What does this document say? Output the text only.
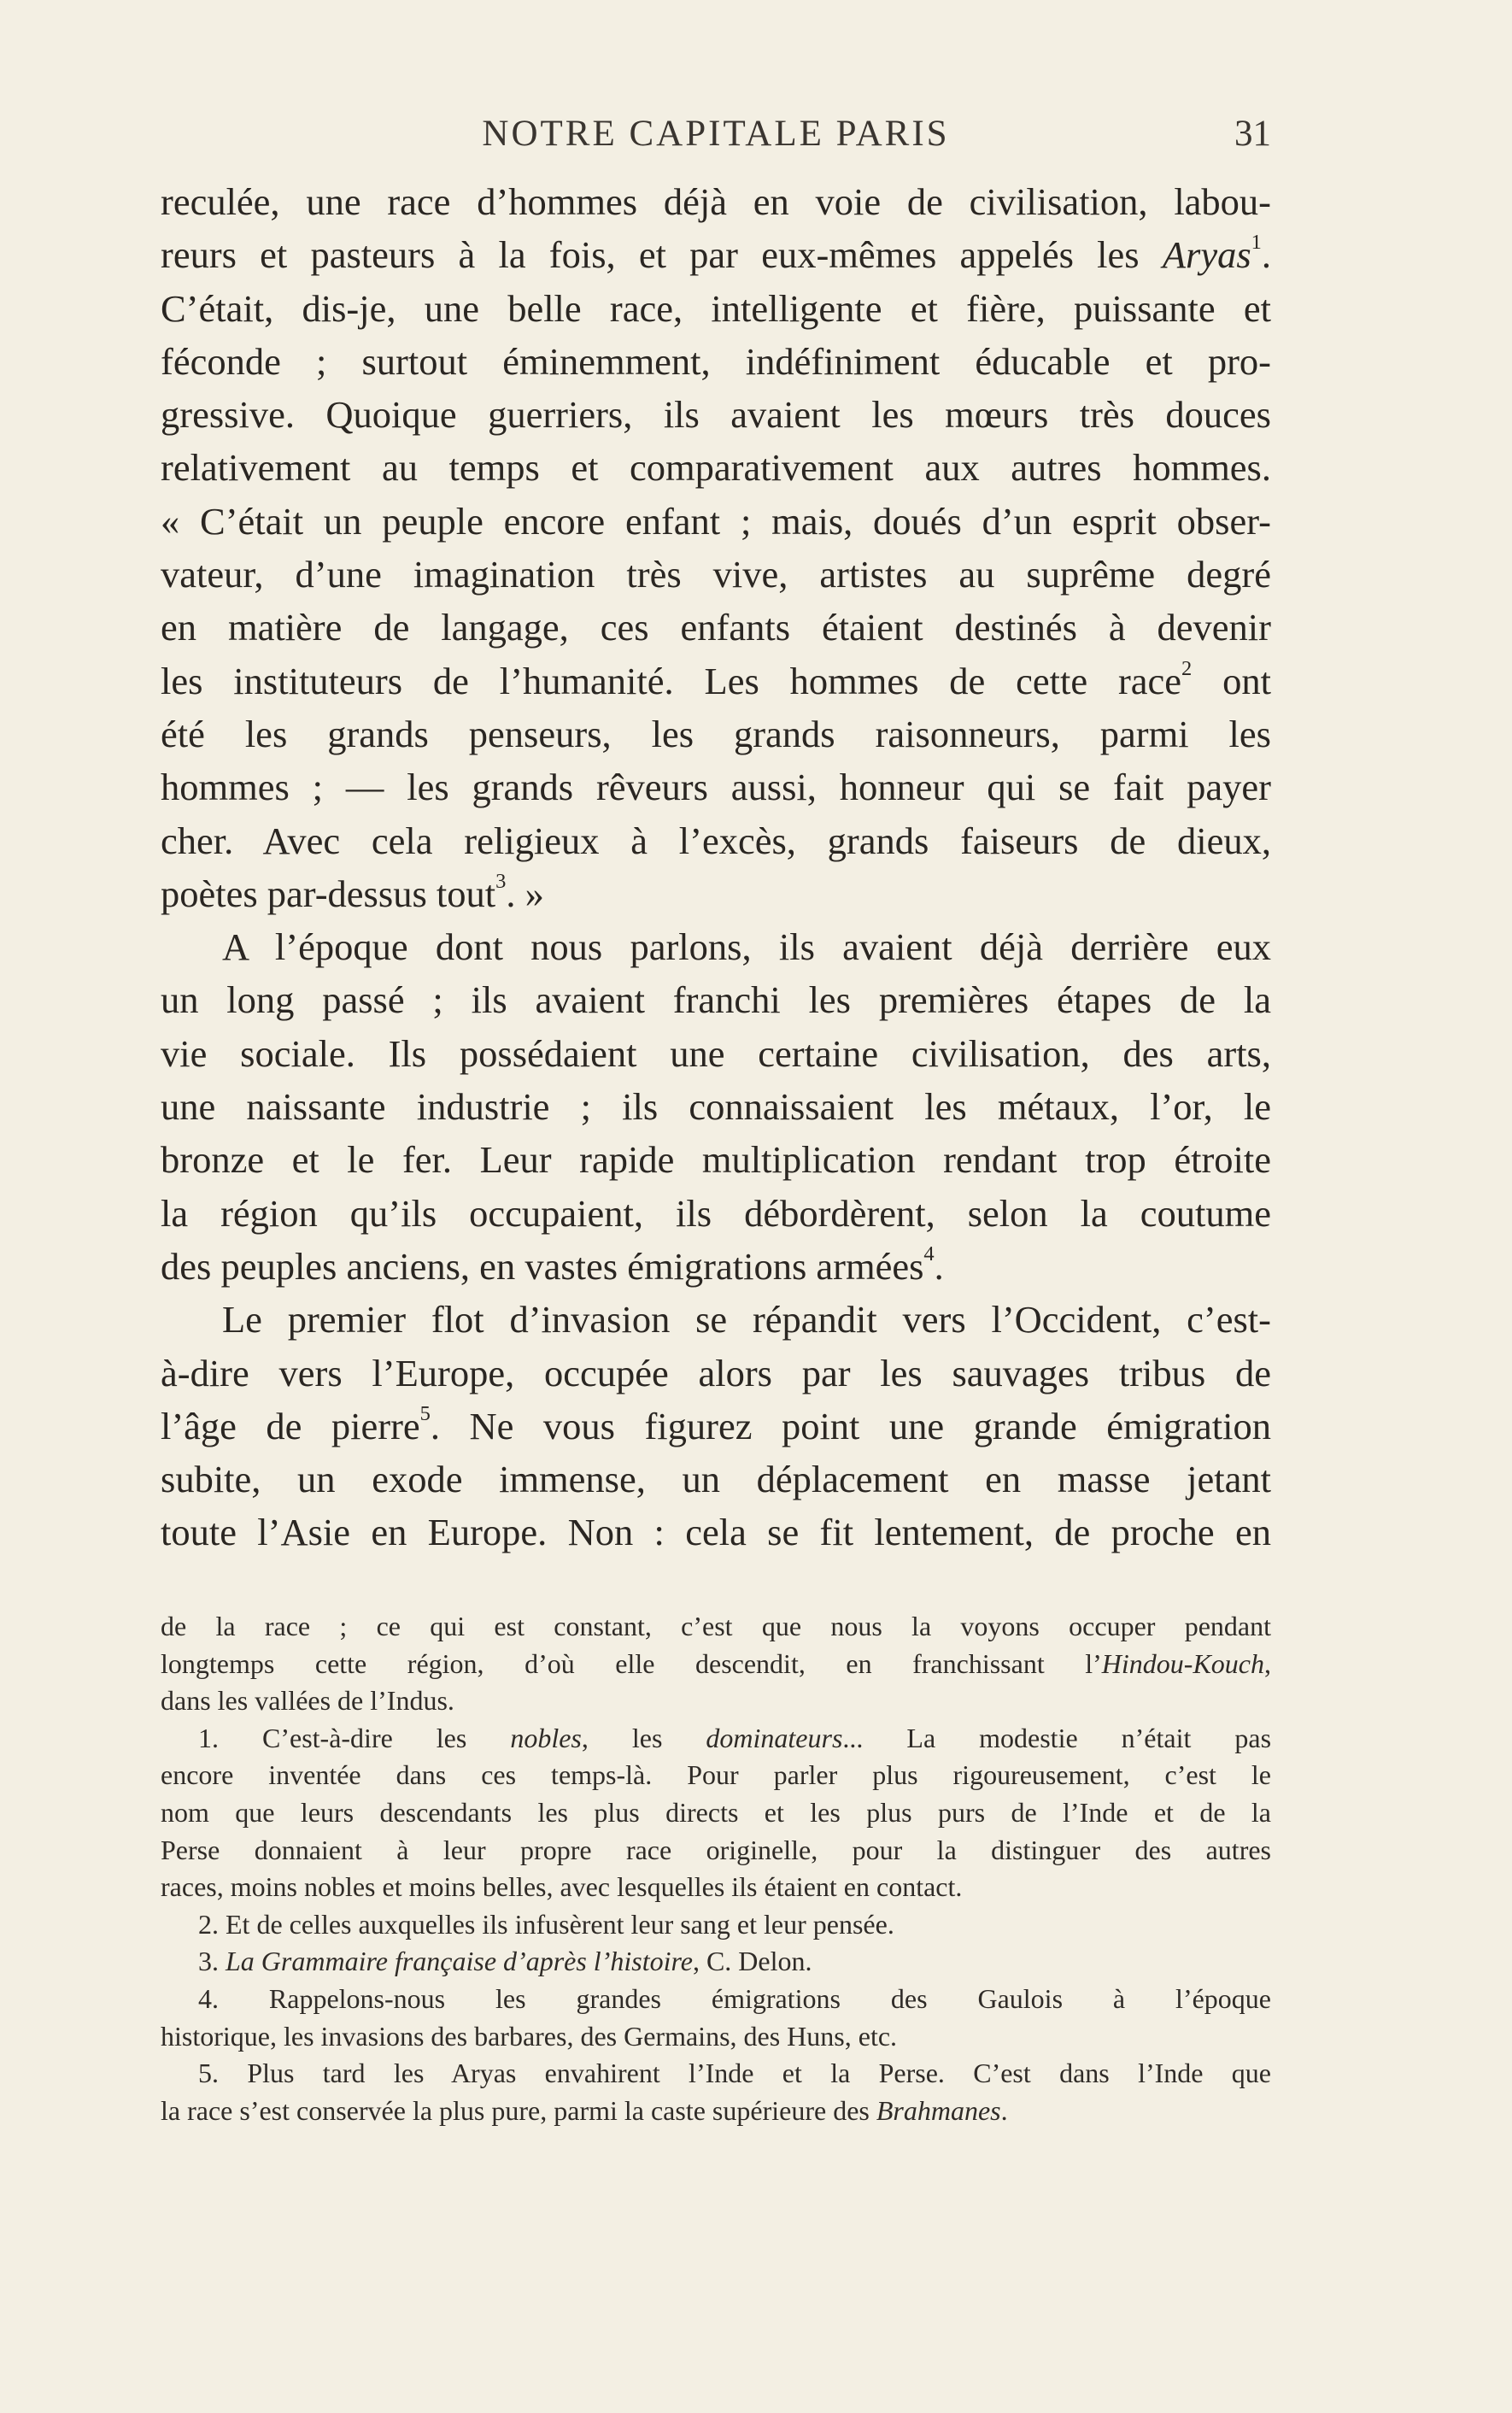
NOTRE CAPITALE PARIS	31
reculée, une race d’hommes déjà en voie de civilisation, labou-
reurs et pasteurs à la fois, et par eux-mêmes appelés les Aryas$^1$.
C’était, dis-je, une belle race, intelligente et fière, puissante et
féconde ; surtout éminemment, indéfiniment éducable et pro-
gressive. Quoique guerriers, ils avaient les mœurs très douces
relativement au temps et comparativement aux autres hommes.
« C’était un peuple encore enfant ; mais, doués d’un esprit obser-
vateur, d’une imagination très vive, artistes au suprême degré
en matière de langage, ces enfants étaient destinés à devenir
les instituteurs de l’humanité. Les hommes de cette race$^2$ ont
été les grands penseurs, les grands raisonneurs, parmi les
hommes ; — les grands rêveurs aussi, honneur qui se fait payer
cher. Avec cela religieux à l’excès, grands faiseurs de dieux,
poètes par-dessus tout$^3$. »
A l’époque dont nous parlons, ils avaient déjà derrière eux
un long passé ; ils avaient franchi les premières étapes de la
vie sociale. Ils possédaient une certaine civilisation, des arts,
une naissante industrie ; ils connaissaient les métaux, l’or, le
bronze et le fer. Leur rapide multiplication rendant trop étroite
la région qu’ils occupaient, ils débordèrent, selon la coutume
des peuples anciens, en vastes émigrations armées$^4$.
Le premier flot d’invasion se répandit vers l’Occident, c’est-
à-dire vers l’Europe, occupée alors par les sauvages tribus de
l’âge de pierre$^5$. Ne vous figurez point une grande émigration
subite, un exode immense, un déplacement en masse jetant
toute l’Asie en Europe. Non : cela se fit lentement, de proche en
de la race ; ce qui est constant, c’est que nous la voyons occuper pendant
longtemps cette région, d’où elle descendit, en franchissant l’Hindou-Kouch,
dans les vallées de l’Indus.
1. C’est-à-dire les nobles, les dominateurs... La modestie n’était pas
encore inventée dans ces temps-là. Pour parler plus rigoureusement, c’est le
nom que leurs descendants les plus directs et les plus purs de l’Inde et de la
Perse donnaient à leur propre race originelle, pour la distinguer des autres
races, moins nobles et moins belles, avec lesquelles ils étaient en contact.
2. Et de celles auxquelles ils infusèrent leur sang et leur pensée.
3. La Grammaire française d’après l’histoire, C. Delon.
4. Rappelons-nous les grandes émigrations des Gaulois à l’époque
historique, les invasions des barbares, des Germains, des Huns, etc.
5. Plus tard les Aryas envahirent l’Inde et la Perse. C’est dans l’Inde que
la race s’est conservée la plus pure, parmi la caste supérieure des Brahmanes.
